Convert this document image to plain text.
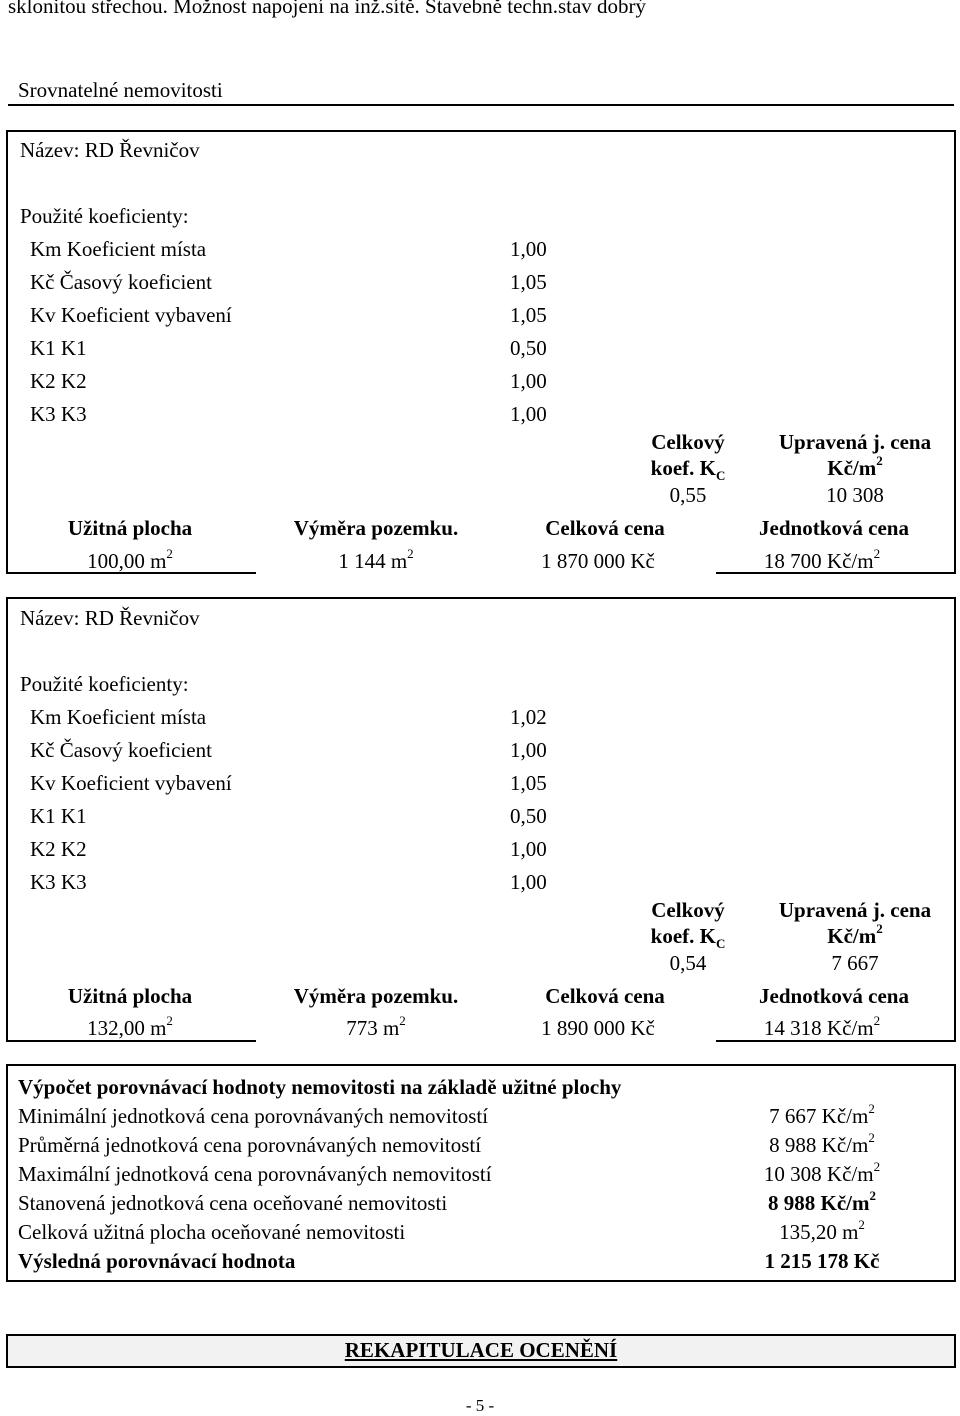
sklonitou střechou. Možnost napojení na inž.sítě. Stavebně techn.stav dobrý
Srovnatelné nemovitosti
Název: RD Řevničov
Použité koeficienty:
Km Koeficient místa	1,00
Kč Časový koeficient	1,05
Kv Koeficient vybavení	1,05
K1 K1	0,50
K2 K2	1,00
K3 K3	1,00
Celkový
koef. $K_C$
0,55
Upravená j. cena
$Kč/m^2$
10 308
Užitná plocha	Výměra pozemku.	Celková cena	Jednotková cena
100,00 $m^2$	1 144 $m^2$	1 870 000 Kč	18 700 $Kč/m^2$
Název: RD Řevničov
Použité koeficienty:
Km Koeficient místa	1,02
Kč Časový koeficient	1,00
Kv Koeficient vybavení	1,05
K1 K1	0,50
K2 K2	1,00
K3 K3	1,00
Celkový
koef. $K_C$
0,54
Upravená j. cena
$Kč/m^2$
7 667
Užitná plocha	Výměra pozemku.	Celková cena	Jednotková cena
132,00 $m^2$	773 $m^2$	1 890 000 Kč	14 318 $Kč/m^2$
Výpočet porovnávací hodnoty nemovitosti na základě užitné plochy
Minimální jednotková cena porovnávaných nemovitostí	7 667 $Kč/m^2$
Průměrná jednotková cena porovnávaných nemovitostí	8 988 $Kč/m^2$
Maximální jednotková cena porovnávaných nemovitostí	10 308 $Kč/m^2$
Stanovená jednotková cena oceňované nemovitosti	8 988 $Kč/m^2$
Celková užitná plocha oceňované nemovitosti	135,20 $m^2$
Výsledná porovnávací hodnota	1 215 178 Kč
REKAPITULACE OCENĚNÍ
- 5 -
